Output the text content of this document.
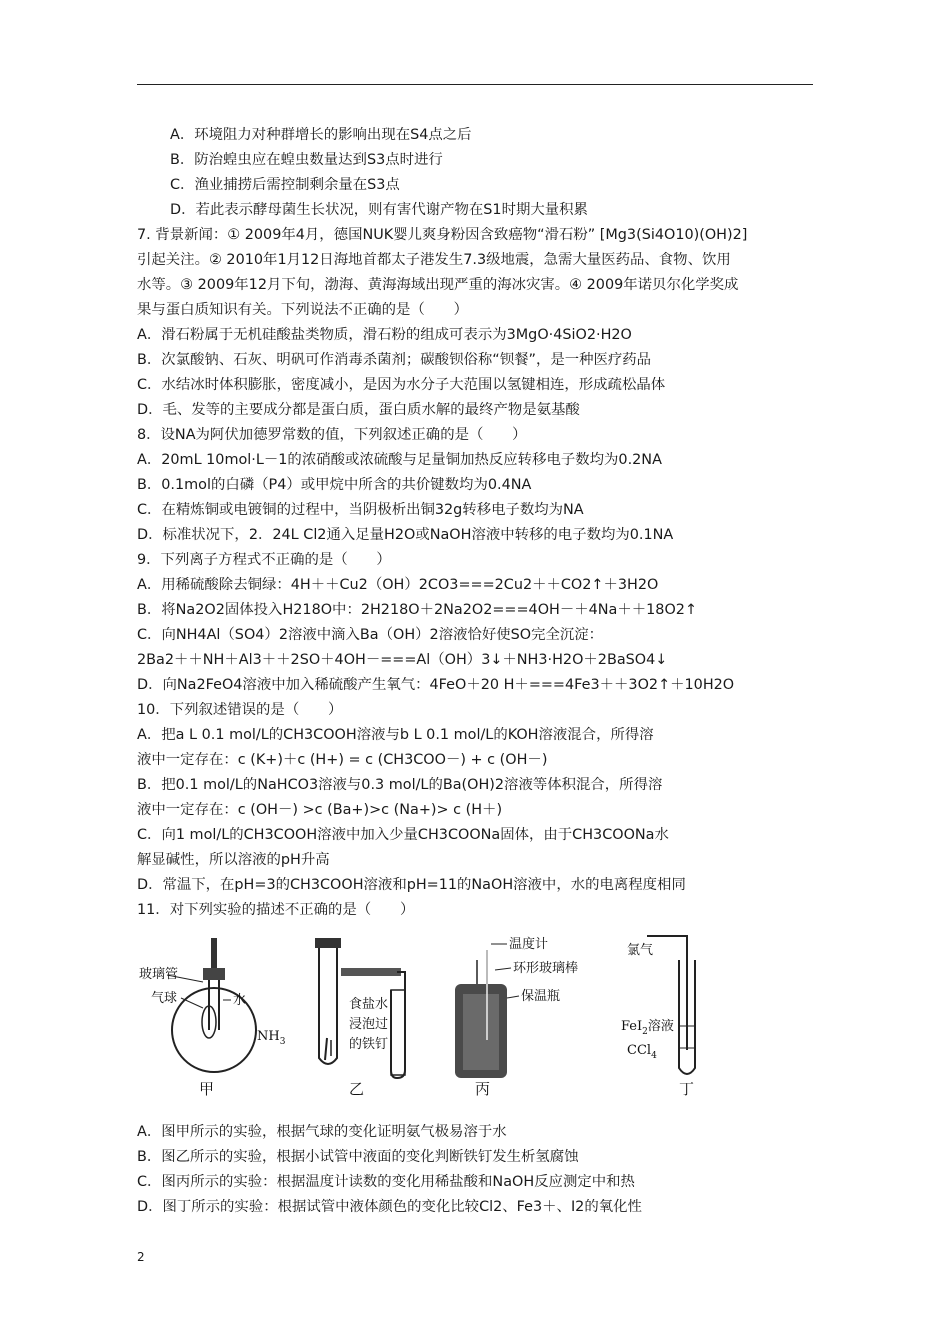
A．环境阻力对种群增长的影响出现在S4点之后
B．防治蝗虫应在蝗虫数量达到S3点时进行
C．渔业捕捞后需控制剩余量在S3点
D．若此表示酵母菌生长状况，则有害代谢产物在S1时期大量积累
7. 背景新闻：① 2009年4月，德国NUK婴儿爽身粉因含致癌物“滑石粉” [Mg3(Si4O10)(OH)2]
引起关注。② 2010年1月12日海地首都太子港发生7.3级地震，急需大量医药品、食物、饮用
水等。③ 2009年12月下旬，渤海、黄海海域出现严重的海冰灾害。④ 2009年诺贝尔化学奖成
果与蛋白质知识有关。下列说法不正确的是（　　）
A．滑石粉属于无机硅酸盐类物质，滑石粉的组成可表示为3MgO·4SiO2·H2O
B．次氯酸钠、石灰、明矾可作消毒杀菌剂；碳酸钡俗称“钡餐”，是一种医疗药品
C．水结冰时体积膨胀，密度减小，是因为水分子大范围以氢键相连，形成疏松晶体
D．毛、发等的主要成分都是蛋白质，蛋白质水解的最终产物是氨基酸
8．设NA为阿伏加德罗常数的值，下列叙述正确的是（　　）
A．20mL 10mol·L－1的浓硝酸或浓硫酸与足量铜加热反应转移电子数均为0.2NA
B．0.1mol的白磷（P4）或甲烷中所含的共价键数均为0.4NA
C．在精炼铜或电镀铜的过程中，当阴极析出铜32g转移电子数均为NA
D．标准状况下，2．24L Cl2通入足量H2O或NaOH溶液中转移的电子数均为0.1NA
9．下列离子方程式不正确的是（　　）
A．用稀硫酸除去铜绿：4H＋＋Cu2（OH）2CO3===2Cu2＋＋CO2↑＋3H2O
B．将Na2O2固体投入H218O中：2H218O＋2Na2O2===4OH－＋4Na＋＋18O2↑
C．向NH4Al（SO4）2溶液中滴入Ba（OH）2溶液恰好使SO完全沉淀：
2Ba2＋＋NH＋Al3＋＋2SO＋4OH－===Al（OH）3↓＋NH3·H2O＋2BaSO4↓
D．向Na2FeO4溶液中加入稀硫酸产生氧气：4FeO＋20 H＋===4Fe3＋＋3O2↑＋10H2O
10．下列叙述错误的是（　　）
A．把a L 0.1 mol/L的CH3COOH溶液与b L 0.1 mol/L的KOH溶液混合，所得溶
液中一定存在：c (K+)＋c (H+) = c (CH3COO－) + c (OH－)
B．把0.1 mol/L的NaHCO3溶液与0.3 mol/L的Ba(OH)2溶液等体积混合，所得溶
液中一定存在：c (OH－) >c (Ba+)>c (Na+)> c (H＋)
C．向1 mol/L的CH3COOH溶液中加入少量CH3COONa固体，由于CH3COONa水
解显碱性，所以溶液的pH升高
D．常温下，在pH=3的CH3COOH溶液和pH=11的NaOH溶液中，水的电离程度相同
11．对下列实验的描述不正确的是（　　）
玻璃管
气球	水
$NH_3$
甲
食盐水
浸泡过
的铁钉
乙
温度计
环形玻璃棒
保温瓶
丙
氯气
FeI$_2$溶液
CCl$_4$
丁
A．图甲所示的实验，根据气球的变化证明氨气极易溶于水
B．图乙所示的实验，根据小试管中液面的变化判断铁钉发生析氢腐蚀
C．图丙所示的实验：根据温度计读数的变化用稀盐酸和NaOH反应测定中和热
D．图丁所示的实验：根据试管中液体颜色的变化比较Cl2、Fe3＋、I2的氧化性
2
